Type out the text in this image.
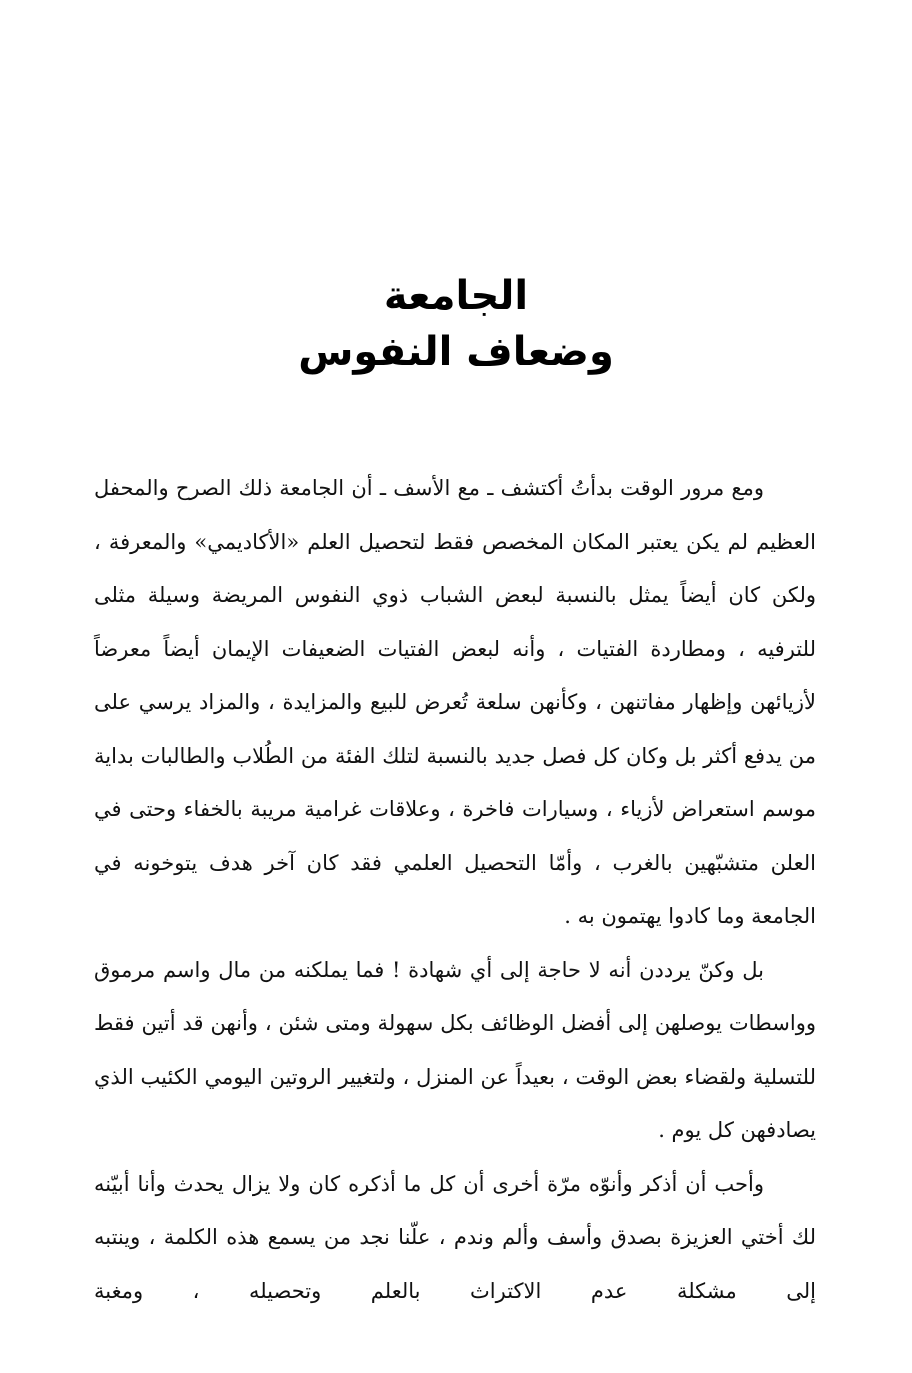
الجامعة
وضعاف النفوس

ومع مرور الوقت بدأتُ أكتشف ـ مع الأسف ـ أن الجامعة ذلك الصرح والمحفل العظيم لم يكن يعتبر المكان المخصص فقط لتحصيل العلم «الأكاديمي» والمعرفة ، ولكن كان أيضاً يمثل بالنسبة لبعض الشباب ذوي النفوس المريضة وسيلة مثلى للترفيه ، ومطاردة الفتيات ، وأنه لبعض الفتيات الضعيفات الإيمان أيضاً معرضاً لأزيائهن وإظهار مفاتنهن ، وكأنهن سلعة تُعرض للبيع والمزايدة ، والمزاد يرسي على من يدفع أكثر بل وكان كل فصل جديد بالنسبة لتلك الفئة من الطُلاب والطالبات بداية موسم استعراض لأزياء ، وسيارات فاخرة ، وعلاقات غرامية مريبة بالخفاء وحتى في العلن متشبّهين بالغرب ، وأمّا التحصيل العلمي فقد كان آخر هدف يتوخونه في الجامعة وما كادوا يهتمون به .

بل وكنّ يرددن أنه لا حاجة إلى أي شهادة ! فما يملكنه من مال واسم مرموق وواسطات يوصلهن إلى أفضل الوظائف بكل سهولة ومتى شئن ، وأنهن قد أتين فقط للتسلية ولقضاء بعض الوقت ، بعيداً عن المنزل ، ولتغيير الروتين اليومي الكئيب الذي يصادفهن كل يوم .

وأحب أن أذكر وأنوّه مرّة أخرى أن كل ما أذكره كان ولا يزال يحدث وأنا أبيّنه لك أختي العزيزة بصدق وأسف وألم وندم ، علّنا نجد من يسمع هذه الكلمة ، وينتبه إلى مشكلة عدم الاكتراث بالعلم وتحصيله ، ومغبة
